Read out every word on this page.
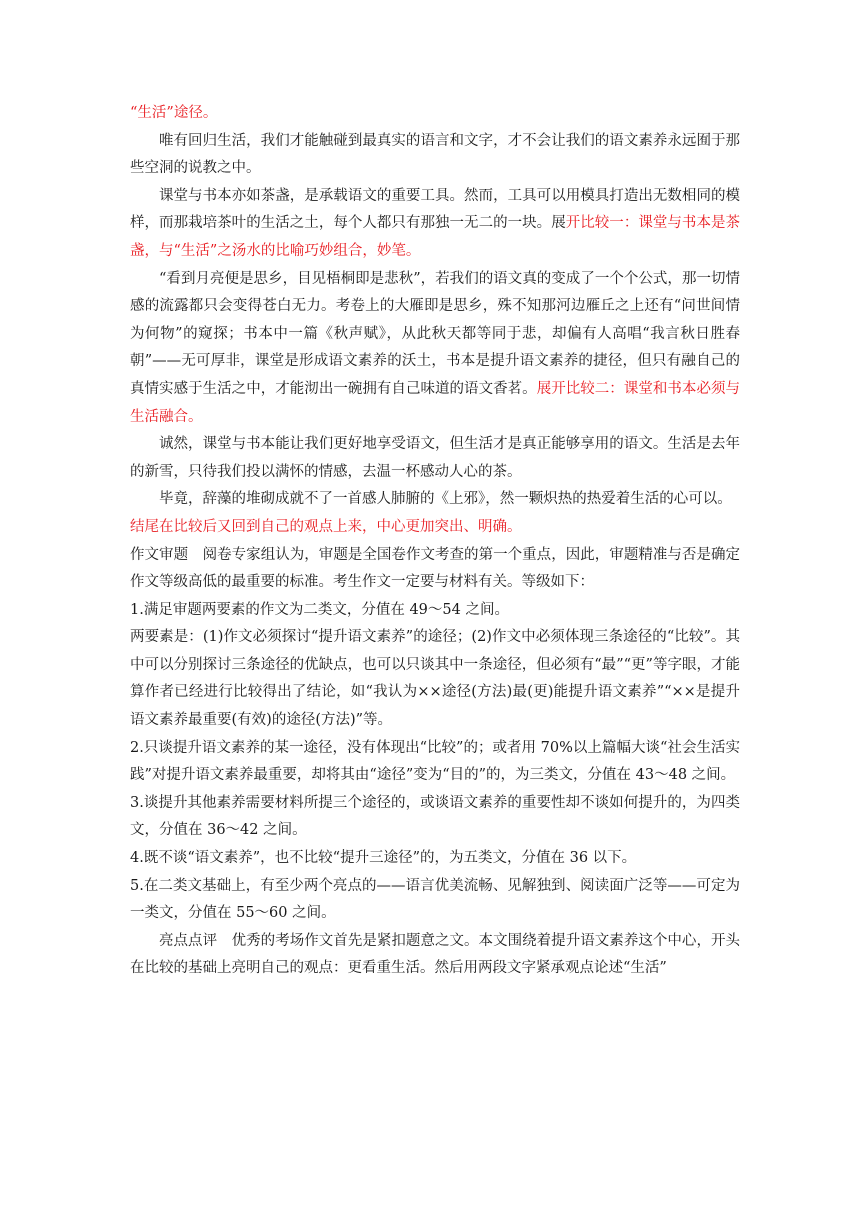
“生活”途径。

唯有回归生活，我们才能触碰到最真实的语言和文字，才不会让我们的语文素养永远囿于那些空洞的说教之中。

课堂与书本亦如茶盏，是承载语文的重要工具。然而，工具可以用模具打造出无数相同的模样，而那栽培茶叶的生活之土，每个人都只有那独一无二的一块。展开比较一：课堂与书本是茶盏，与“生活”之汤水的比喻巧妙组合，妙笔。

“看到月亮便是思乡，目见梧桐即是悲秋”，若我们的语文真的变成了一个个公式，那一切情感的流露都只会变得苍白无力。考卷上的大雁即是思乡，殊不知那河边雁丘之上还有“问世间情为何物”的窥探；书本中一篇《秋声赋》，从此秋天都等同于悲，却偏有人高唱“我言秋日胜春朝”——无可厚非，课堂是形成语文素养的沃土，书本是提升语文素养的捷径，但只有融自己的真情实感于生活之中，才能沏出一碗拥有自己味道的语文香茗。展开比较二：课堂和书本必须与生活融合。

诚然，课堂与书本能让我们更好地享受语文，但生活才是真正能够享用的语文。生活是去年的新雪，只待我们投以满怀的情感，去温一杯感动人心的茶。

毕竟，辞藻的堆砌成就不了一首感人肺腑的《上邪》，然一颗炽热的热爱着生活的心可以。

结尾在比较后又回到自己的观点上来，中心更加突出、明确。

作文审题 阅卷专家组认为，审题是全国卷作文考查的第一个重点，因此，审题精准与否是确定作文等级高低的最重要的标准。考生作文一定要与材料有关。等级如下：

1.满足审题两要素的作文为二类文，分值在 49～54 之间。

两要素是：(1)作文必须探讨“提升语文素养”的途径；(2)作文中必须体现三条途径的“比较”。其中可以分别探讨三条途径的优缺点，也可以只谈其中一条途径，但必须有“最”“更”等字眼，才能算作者已经进行比较得出了结论，如“我认为××途径(方法)最(更)能提升语文素养”“××是提升语文素养最重要(有效)的途径(方法)”等。

2.只谈提升语文素养的某一途径，没有体现出“比较”的；或者用 70%以上篇幅大谈“社会生活实践”对提升语文素养最重要，却将其由“途径”变为“目的”的，为三类文，分值在 43～48 之间。

3.谈提升其他素养需要材料所提三个途径的，或谈语文素养的重要性却不谈如何提升的，为四类文，分值在 36～42 之间。

4.既不谈“语文素养”，也不比较“提升三途径”的，为五类文，分值在 36 以下。

5.在二类文基础上，有至少两个亮点的——语言优美流畅、见解独到、阅读面广泛等——可定为一类文，分值在 55～60 之间。

亮点点评 优秀的考场作文首先是紧扣题意之文。本文围绕着提升语文素养这个中心，开头在比较的基础上亮明自己的观点：更看重生活。然后用两段文字紧承观点论述“生活”
